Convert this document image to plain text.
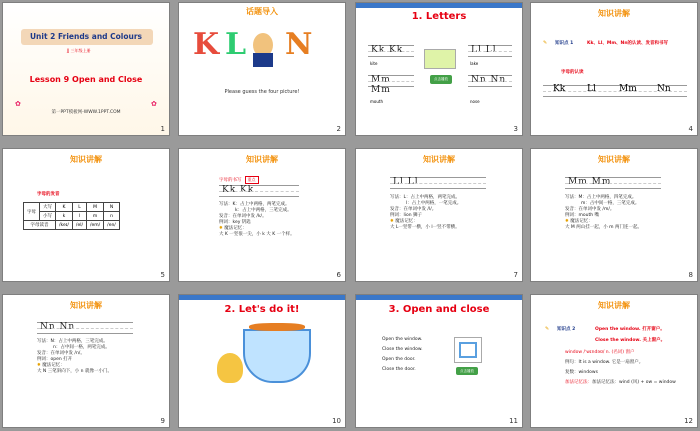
Unit 2 Friends and Colours
JJ 三年级上册
Lesson 9 Open and Close
✿	✿
第一PPT模板网-WWW.1PPT.COM
1
话题导入
K L N
Please guess the four picture!
2
1. Letters
Kk Kk
kite
Ll Ll
lake
Mm Mm
mouth
Nn Nn
nose
点击播放
3
知识讲解
✎ 知识点 1	Kk、Ll、Mm、Nn的认读、发音和书写
字母的认读
Kk Ll	Mm Nn
4
知识讲解
字母的发音
字母	大写	K	L	M	N
	小写	k	l	m	n
字母读音		/keɪ/	/el/	/em/	/en/
5
知识讲解
字母的书写 重点
Kk Kk
写法：K：占上中两格，两笔完成。
k：占上中两格，三笔完成。
发音：在单词中发 /k/。
例词：key 钥匙
✹ 魔法记忆：
大 K 一竖很一尖，小 k 大 K 一个样。
6
知识讲解
Ll Ll
写法：L：占上中两格，两笔完成。
l：占上中两格，一笔完成。
发音：在单词中发 /l/。
例词：lion 狮子
✹ 魔法记忆：
大 L一竖带一横，小 l一竖不带横。
7
知识讲解
Mm Mm
写法：M：占上中两格，四笔完成。
m：占中间一格，三笔完成。
发音：在单词中发 /m/。
例词：mouth 嘴
✹ 魔法记忆：
大 M 两山挂一起，小 m 两门连一起。
8
知识讲解
Nn Nn
写法：N：占上中两格，三笔完成。
n：占中间一格，两笔完成。
发音：在单词中发 /n/。
例词：open 打开
✹ 魔法记忆：
大 N 三笔斜向下，小 n 就像一小门。
9
2. Let's do it!
10
3. Open and close
Open the window.
Close the window.
Open the door.
Close the door.	点击播放
11
知识讲解
✎ 知识点 2	Open the window. 打开窗户。
Close the window. 关上窗户。
window /ˈwɪndəʊ/ n. (名词) 窗户
例句：It is a window. 它是一扇窗户。
复数：windows
加法记忆法：加法记忆法：wind (风) + ow = window
12
